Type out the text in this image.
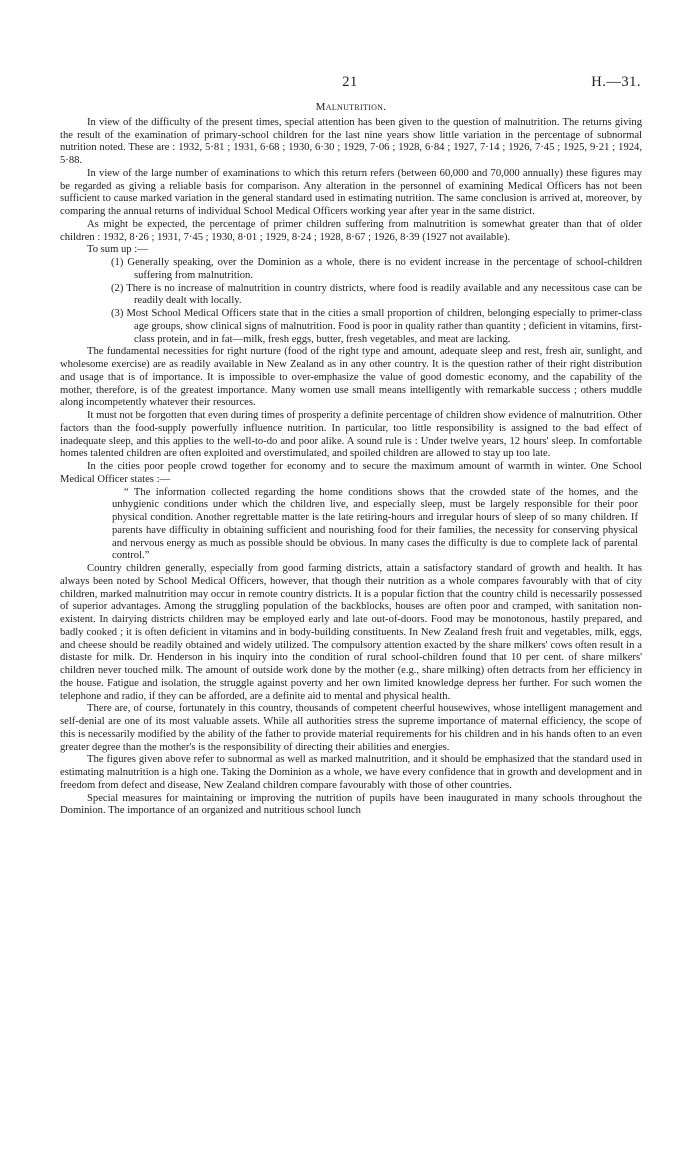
21	H.—31.
Malnutrition.

In view of the difficulty of the present times, special attention has been given to the question of malnutrition. The returns giving the result of the examination of primary-school children for the last nine years show little variation in the percentage of subnormal nutrition noted. These are : 1932, 5·81 ; 1931, 6·68 ; 1930, 6·30 ; 1929, 7·06 ; 1928, 6·84 ; 1927, 7·14 ; 1926, 7·45 ; 1925, 9·21 ; 1924, 5·88.

In view of the large number of examinations to which this return refers (between 60,000 and 70,000 annually) these figures may be regarded as giving a reliable basis for comparison. Any alteration in the personnel of examining Medical Officers has not been sufficient to cause marked variation in the general standard used in estimating nutrition. The same conclusion is arrived at, moreover, by comparing the annual returns of individual School Medical Officers working year after year in the same district.

As might be expected, the percentage of primer children suffering from malnutrition is somewhat greater than that of older children : 1932, 8·26 ; 1931, 7·45 ; 1930, 8·01 ; 1929, 8·24 ; 1928, 8·67 ; 1926, 8·39 (1927 not available).

To sum up :—

(1) Generally speaking, over the Dominion as a whole, there is no evident increase in the percentage of school-children suffering from malnutrition.
(2) There is no increase of malnutrition in country districts, where food is readily available and any necessitous case can be readily dealt with locally.
(3) Most School Medical Officers state that in the cities a small proportion of children, belonging especially to primer-class age groups, show clinical signs of malnutrition. Food is poor in quality rather than quantity ; deficient in vitamins, first-class protein, and in fat—milk, fresh eggs, butter, fresh vegetables, and meat are lacking.

The fundamental necessities for right nurture (food of the right type and amount, adequate sleep and rest, fresh air, sunlight, and wholesome exercise) are as readily available in New Zealand as in any other country. It is the question rather of their right distribution and usage that is of importance. It is impossible to over-emphasize the value of good domestic economy, and the capability of the mother, therefore, is of the greatest importance. Many women use small means intelligently with remarkable success ; others muddle along incompetently whatever their resources.

It must not be forgotten that even during times of prosperity a definite percentage of children show evidence of malnutrition. Other factors than the food-supply powerfully influence nutrition. In particular, too little responsibility is assigned to the bad effect of inadequate sleep, and this applies to the well-to-do and poor alike. A sound rule is : Under twelve years, 12 hours' sleep. In comfortable homes talented children are often exploited and overstimulated, and spoiled children are allowed to stay up too late.

In the cities poor people crowd together for economy and to secure the maximum amount of warmth in winter. One School Medical Officer states :—

“ The information collected regarding the home conditions shows that the crowded state of the homes, and the unhygienic conditions under which the children live, and especially sleep, must be largely responsible for their poor physical condition. Another regrettable matter is the late retiring-hours and irregular hours of sleep of so many children. If parents have difficulty in obtaining sufficient and nourishing food for their families, the necessity for conserving physical and nervous energy as much as possible should be obvious. In many cases the difficulty is due to complete lack of parental control.”

Country children generally, especially from good farming districts, attain a satisfactory standard of growth and health. It has always been noted by School Medical Officers, however, that though their nutrition as a whole compares favourably with that of city children, marked malnutrition may occur in remote country districts. It is a popular fiction that the country child is necessarily possessed of superior advantages. Among the struggling population of the backblocks, houses are often poor and cramped, with sanitation non-existent. In dairying districts children may be employed early and late out-of-doors. Food may be monotonous, hastily prepared, and badly cooked ; it is often deficient in vitamins and in body-building constituents. In New Zealand fresh fruit and vegetables, milk, eggs, and cheese should be readily obtained and widely utilized. The compulsory attention exacted by the share milkers' cows often result in a distaste for milk. Dr. Henderson in his inquiry into the condition of rural school-children found that 10 per cent. of share milkers' children never touched milk. The amount of outside work done by the mother (e.g., share milking) often detracts from her efficiency in the house. Fatigue and isolation, the struggle against poverty and her own limited knowledge depress her further. For such women the telephone and radio, if they can be afforded, are a definite aid to mental and physical health.

There are, of course, fortunately in this country, thousands of competent cheerful housewives, whose intelligent management and self-denial are one of its most valuable assets. While all authorities stress the supreme importance of maternal efficiency, the scope of this is necessarily modified by the ability of the father to provide material requirements for his children and in his hands often to an even greater degree than the mother's is the responsibility of directing their abilities and energies.

The figures given above refer to subnormal as well as marked malnutrition, and it should be emphasized that the standard used in estimating malnutrition is a high one. Taking the Dominion as a whole, we have every confidence that in growth and development and in freedom from defect and disease, New Zealand children compare favourably with those of other countries.

Special measures for maintaining or improving the nutrition of pupils have been inaugurated in many schools throughout the Dominion. The importance of an organized and nutritious school lunch
